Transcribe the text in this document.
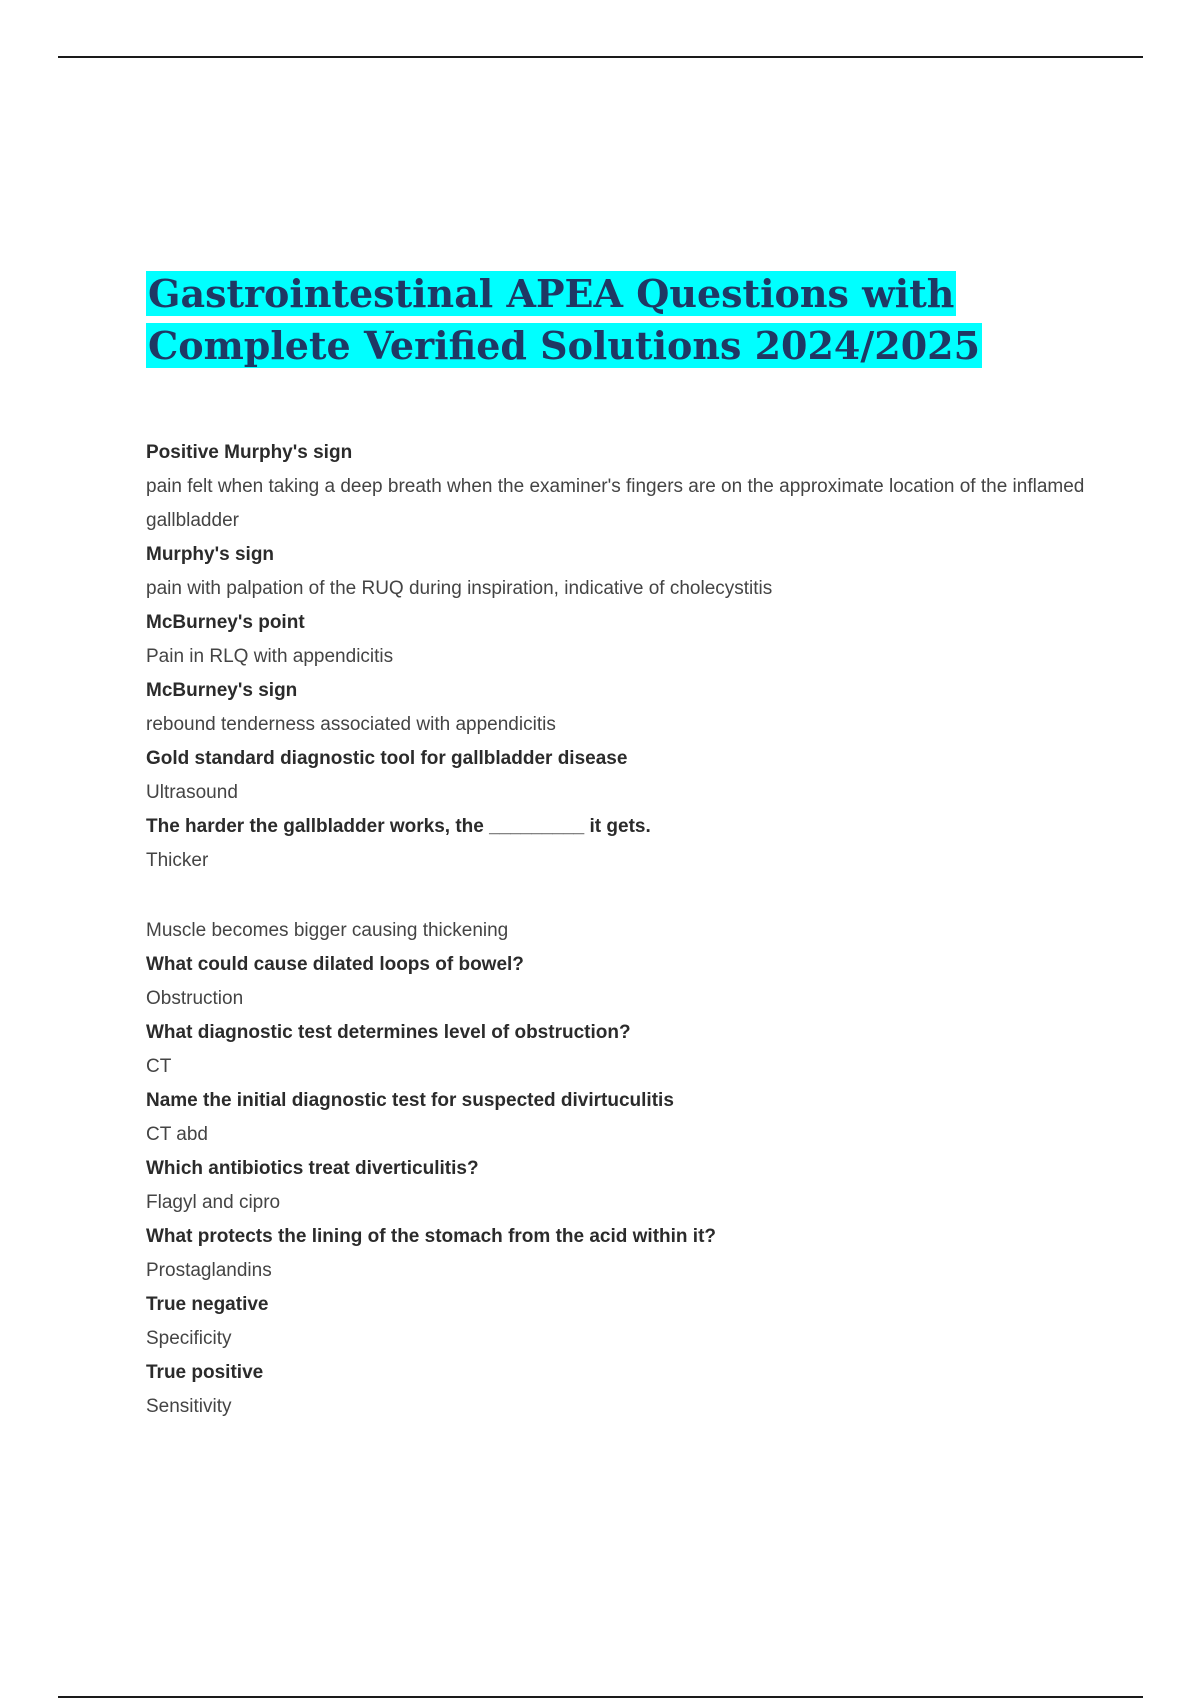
Gastrointestinal APEA Questions with
Complete Verified Solutions 2024/2025

Positive Murphy's sign

pain felt when taking a deep breath when the examiner's fingers are on the approximate location of the inflamed gallbladder

Murphy's sign

pain with palpation of the RUQ during inspiration, indicative of cholecystitis

McBurney's point

Pain in RLQ with appendicitis

McBurney's sign

rebound tenderness associated with appendicitis

Gold standard diagnostic tool for gallbladder disease

Ultrasound

The harder the gallbladder works, the _________ it gets.

Thicker
Muscle becomes bigger causing thickening

What could cause dilated loops of bowel?

Obstruction

What diagnostic test determines level of obstruction?

CT

Name the initial diagnostic test for suspected divirtuculitis

CT abd

Which antibiotics treat diverticulitis?

Flagyl and cipro

What protects the lining of the stomach from the acid within it?

Prostaglandins

True negative

Specificity

True positive

Sensitivity
